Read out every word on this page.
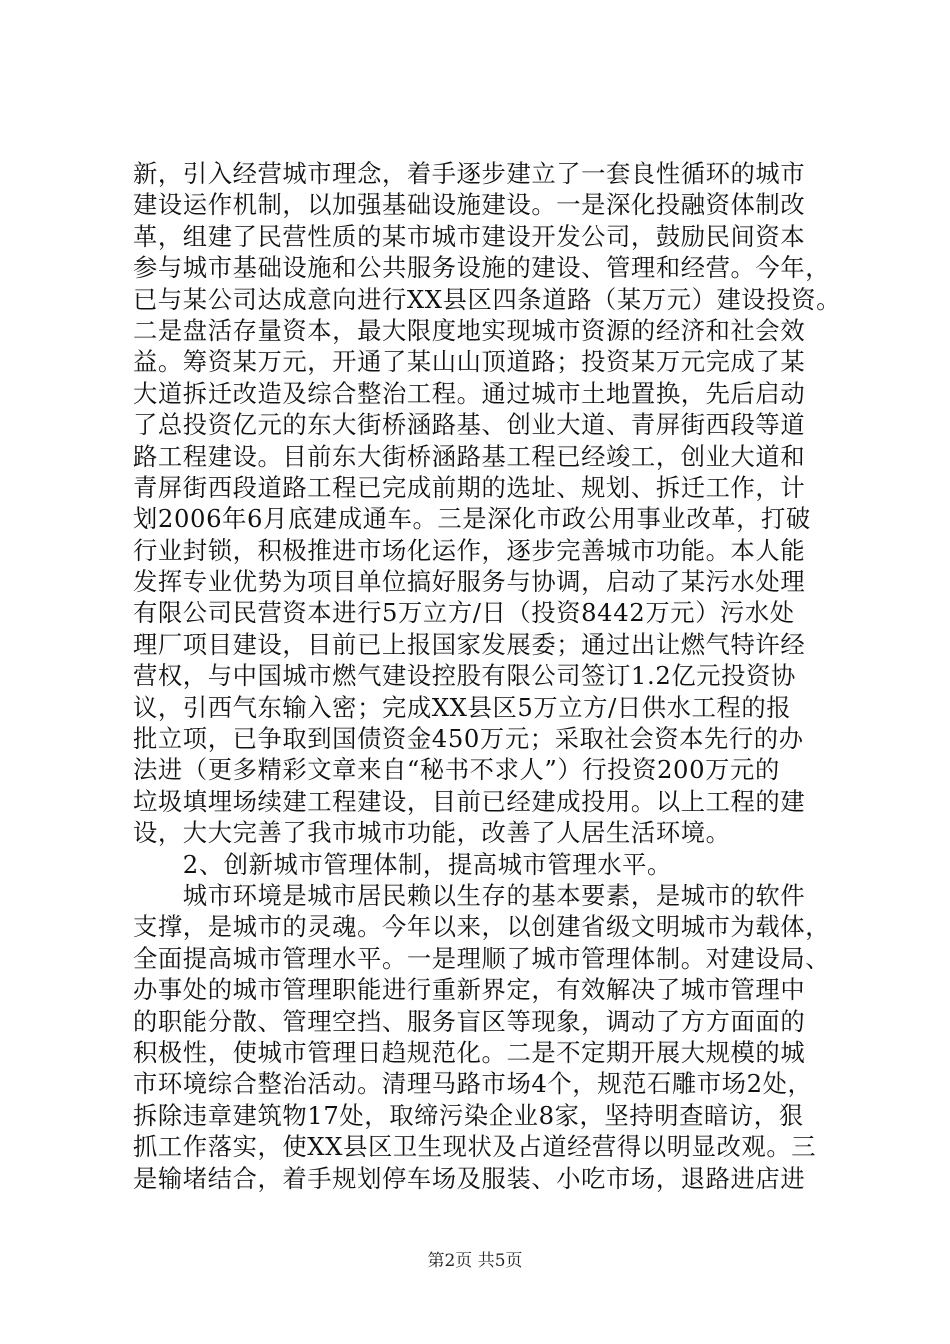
新，引入经营城市理念，着手逐步建立了一套良性循环的城市
建设运作机制，以加强基础设施建设。一是深化投融资体制改
革，组建了民营性质的某市城市建设开发公司，鼓励民间资本
参与城市基础设施和公共服务设施的建设、管理和经营。今年，
已与某公司达成意向进行XX县区四条道路（某万元）建设投资。
二是盘活存量资本，最大限度地实现城市资源的经济和社会效
益。筹资某万元，开通了某山山顶道路；投资某万元完成了某
大道拆迁改造及综合整治工程。通过城市土地置换，先后启动
了总投资亿元的东大街桥涵路基、创业大道、青屏街西段等道
路工程建设。目前东大街桥涵路基工程已经竣工，创业大道和
青屏街西段道路工程已完成前期的选址、规划、拆迁工作，计
划2006年6月底建成通车。三是深化市政公用事业改革，打破
行业封锁，积极推进市场化运作，逐步完善城市功能。本人能
发挥专业优势为项目单位搞好服务与协调，启动了某污水处理
有限公司民营资本进行5万立方/日（投资8442万元）污水处
理厂项目建设，目前已上报国家发展委；通过出让燃气特许经
营权，与中国城市燃气建设控股有限公司签订1.2亿元投资协
议，引西气东输入密；完成XX县区5万立方/日供水工程的报
批立项，已争取到国债资金450万元；采取社会资本先行的办
法进（更多精彩文章来自“秘书不求人”）行投资200万元的
垃圾填埋场续建工程建设，目前已经建成投用。以上工程的建
设，大大完善了我市城市功能，改善了人居生活环境。
　　2、创新城市管理体制，提高城市管理水平。
　　城市环境是城市居民赖以生存的基本要素，是城市的软件
支撑，是城市的灵魂。今年以来，以创建省级文明城市为载体，
全面提高城市管理水平。一是理顺了城市管理体制。对建设局、
办事处的城市管理职能进行重新界定，有效解决了城市管理中
的职能分散、管理空挡、服务盲区等现象，调动了方方面面的
积极性，使城市管理日趋规范化。二是不定期开展大规模的城
市环境综合整治活动。清理马路市场4个，规范石雕市场2处，
拆除违章建筑物17处，取缔污染企业8家，坚持明查暗访，狠
抓工作落实，使XX县区卫生现状及占道经营得以明显改观。三
是输堵结合，着手规划停车场及服装、小吃市场，退路进店进
第2页 共5页
